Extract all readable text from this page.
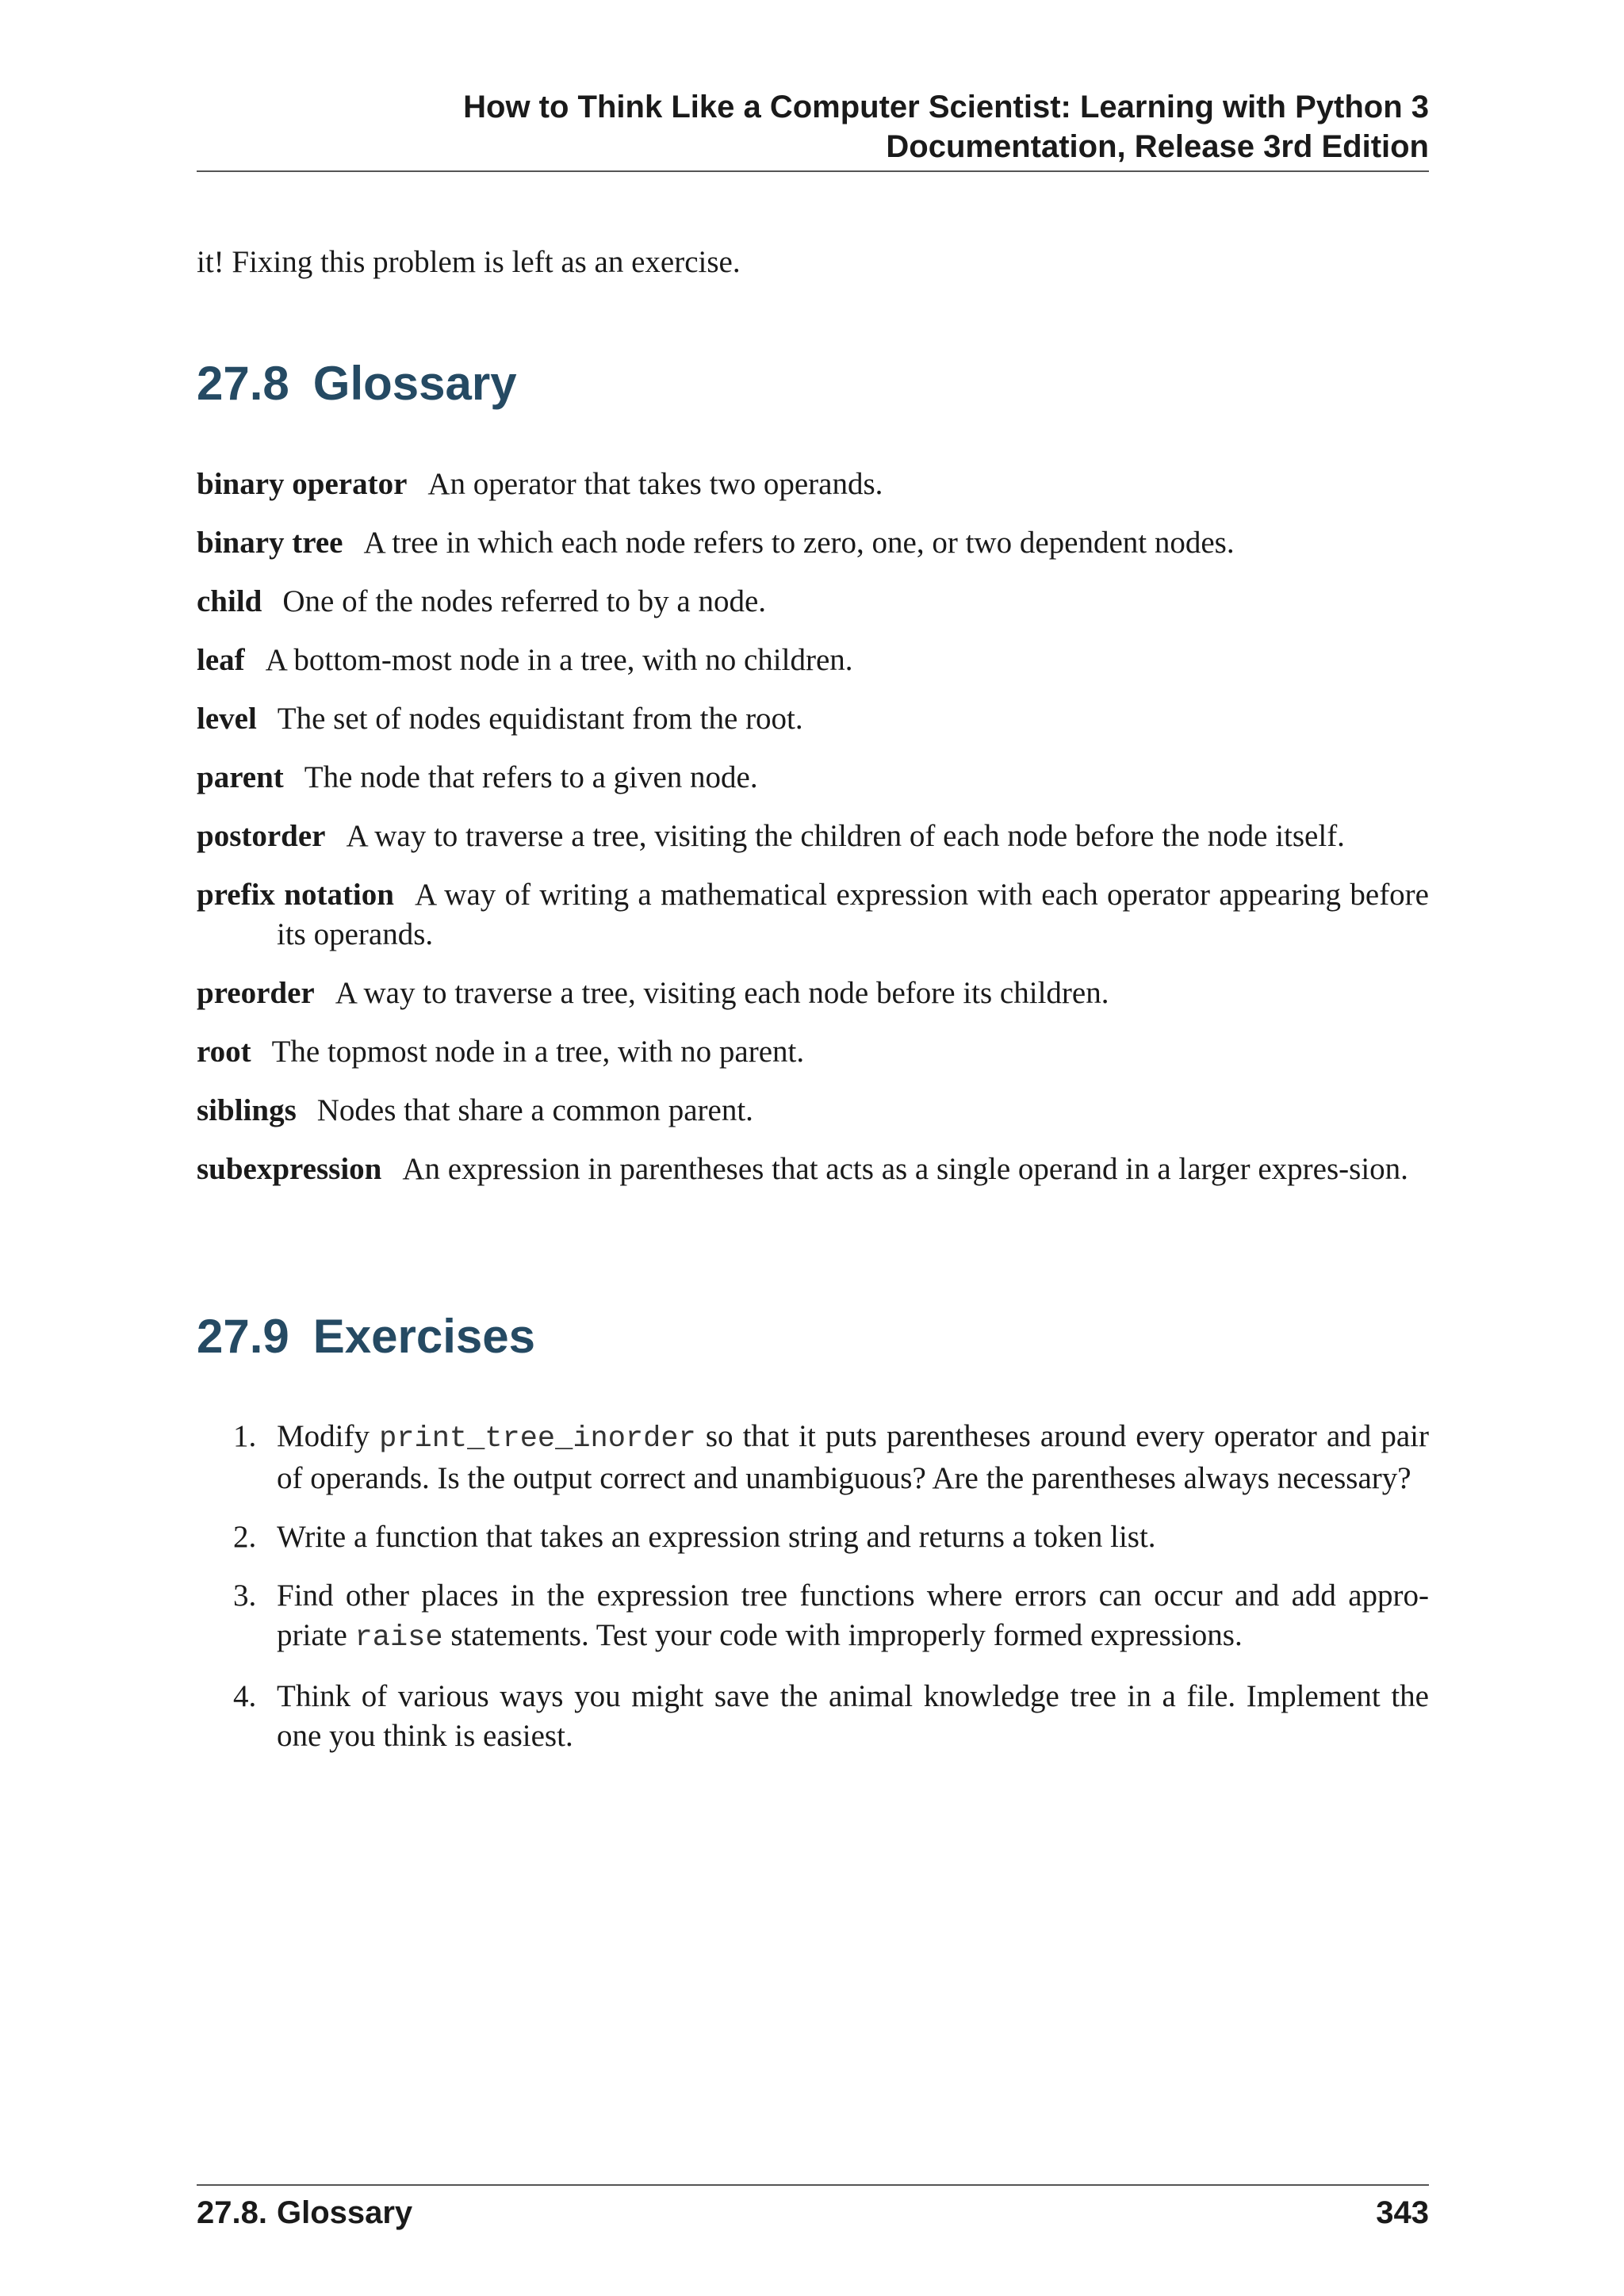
How to Think Like a Computer Scientist: Learning with Python 3
Documentation, Release 3rd Edition

it! Fixing this problem is left as an exercise.

27.8 Glossary

binary operator An operator that takes two operands.

binary tree A tree in which each node refers to zero, one, or two dependent nodes.

child One of the nodes referred to by a node.

leaf A bottom-most node in a tree, with no children.

level The set of nodes equidistant from the root.

parent The node that refers to a given node.

postorder A way to traverse a tree, visiting the children of each node before the node itself.

prefix notation A way of writing a mathematical expression with each operator appearing before its operands.

preorder A way to traverse a tree, visiting each node before its children.

root The topmost node in a tree, with no parent.

siblings Nodes that share a common parent.

subexpression An expression in parentheses that acts as a single operand in a larger expres-sion.

27.9 Exercises
1. Modify print_tree_inorder so that it puts parentheses around every operator and pair of operands. Is the output correct and unambiguous? Are the parentheses always necessary?
2. Write a function that takes an expression string and returns a token list.
3. Find other places in the expression tree functions where errors can occur and add appro-priate raise statements. Test your code with improperly formed expressions.
4. Think of various ways you might save the animal knowledge tree in a file. Implement the one you think is easiest.
27.8. Glossary	343
